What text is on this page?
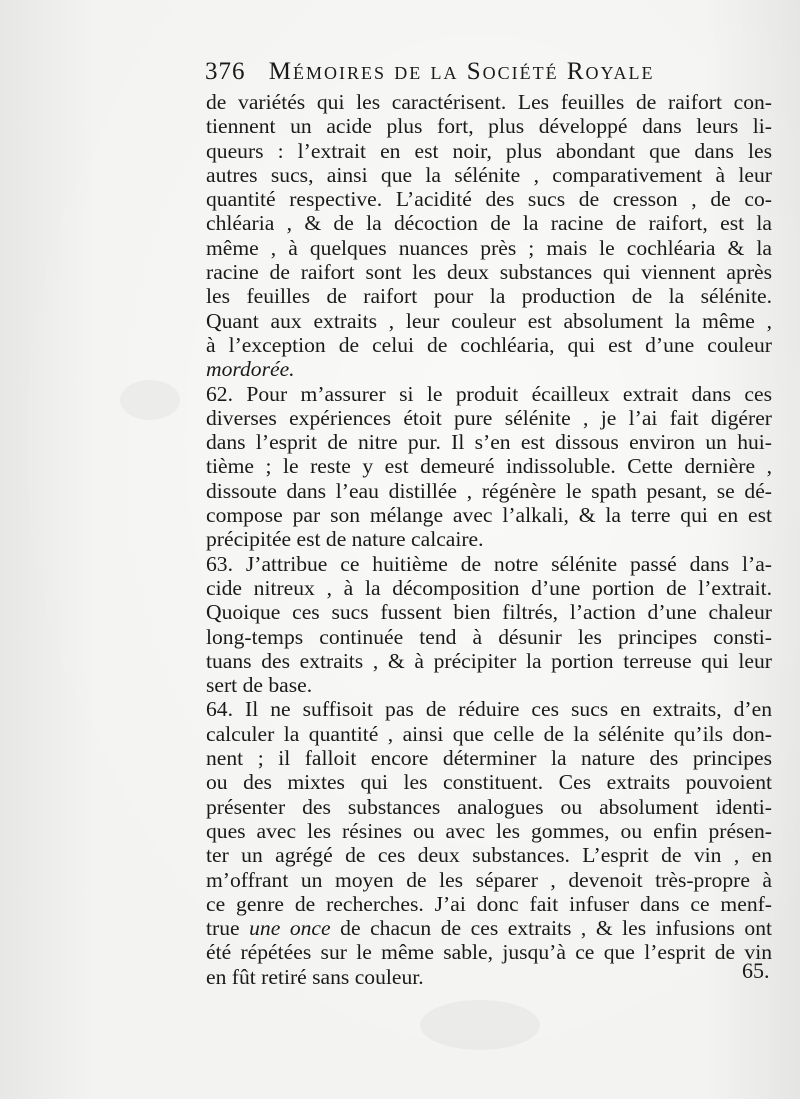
376 Mémoires de la Société Royale
de variétés qui les caractérisent. Les feuilles de raifort con-
tiennent un acide plus fort, plus développé dans leurs li-
queurs : l’extrait en est noir, plus abondant que dans les
autres sucs, ainsi que la sélénite , comparativement à leur
quantité respective. L’acidité des sucs de cresson , de co-
chléaria , & de la décoction de la racine de raifort, est la
même , à quelques nuances près ; mais le cochléaria & la
racine de raifort sont les deux substances qui viennent après
les feuilles de raifort pour la production de la sélénite.
Quant aux extraits , leur couleur est absolument la même ,
à l’exception de celui de cochléaria, qui est d’une couleur
mordorée.
62. Pour m’assurer si le produit écailleux extrait dans ces
diverses expériences étoit pure sélénite , je l’ai fait digérer
dans l’esprit de nitre pur. Il s’en est dissous environ un hui-
tième ; le reste y est demeuré indissoluble. Cette dernière ,
dissoute dans l’eau distillée , régénère le spath pesant, se dé-
compose par son mélange avec l’alkali, & la terre qui en est
précipitée est de nature calcaire.
63. J’attribue ce huitième de notre sélénite passé dans l’a-
cide nitreux , à la décomposition d’une portion de l’extrait.
Quoique ces sucs fussent bien filtrés, l’action d’une chaleur
long-temps continuée tend à désunir les principes consti-
tuans des extraits , & à précipiter la portion terreuse qui leur
sert de base.
64. Il ne suffisoit pas de réduire ces sucs en extraits, d’en
calculer la quantité , ainsi que celle de la sélénite qu’ils don-
nent ; il falloit encore déterminer la nature des principes
ou des mixtes qui les constituent. Ces extraits pouvoient
présenter des substances analogues ou absolument identi-
ques avec les résines ou avec les gommes, ou enfin présen-
ter un agrégé de ces deux substances. L’esprit de vin , en
m’offrant un moyen de les séparer , devenoit très-propre à
ce genre de recherches. J’ai donc fait infuser dans ce menf-
true une once de chacun de ces extraits , & les infusions ont
été répétées sur le même sable, jusqu’à ce que l’esprit de vin
en fût retiré sans couleur.	65.
